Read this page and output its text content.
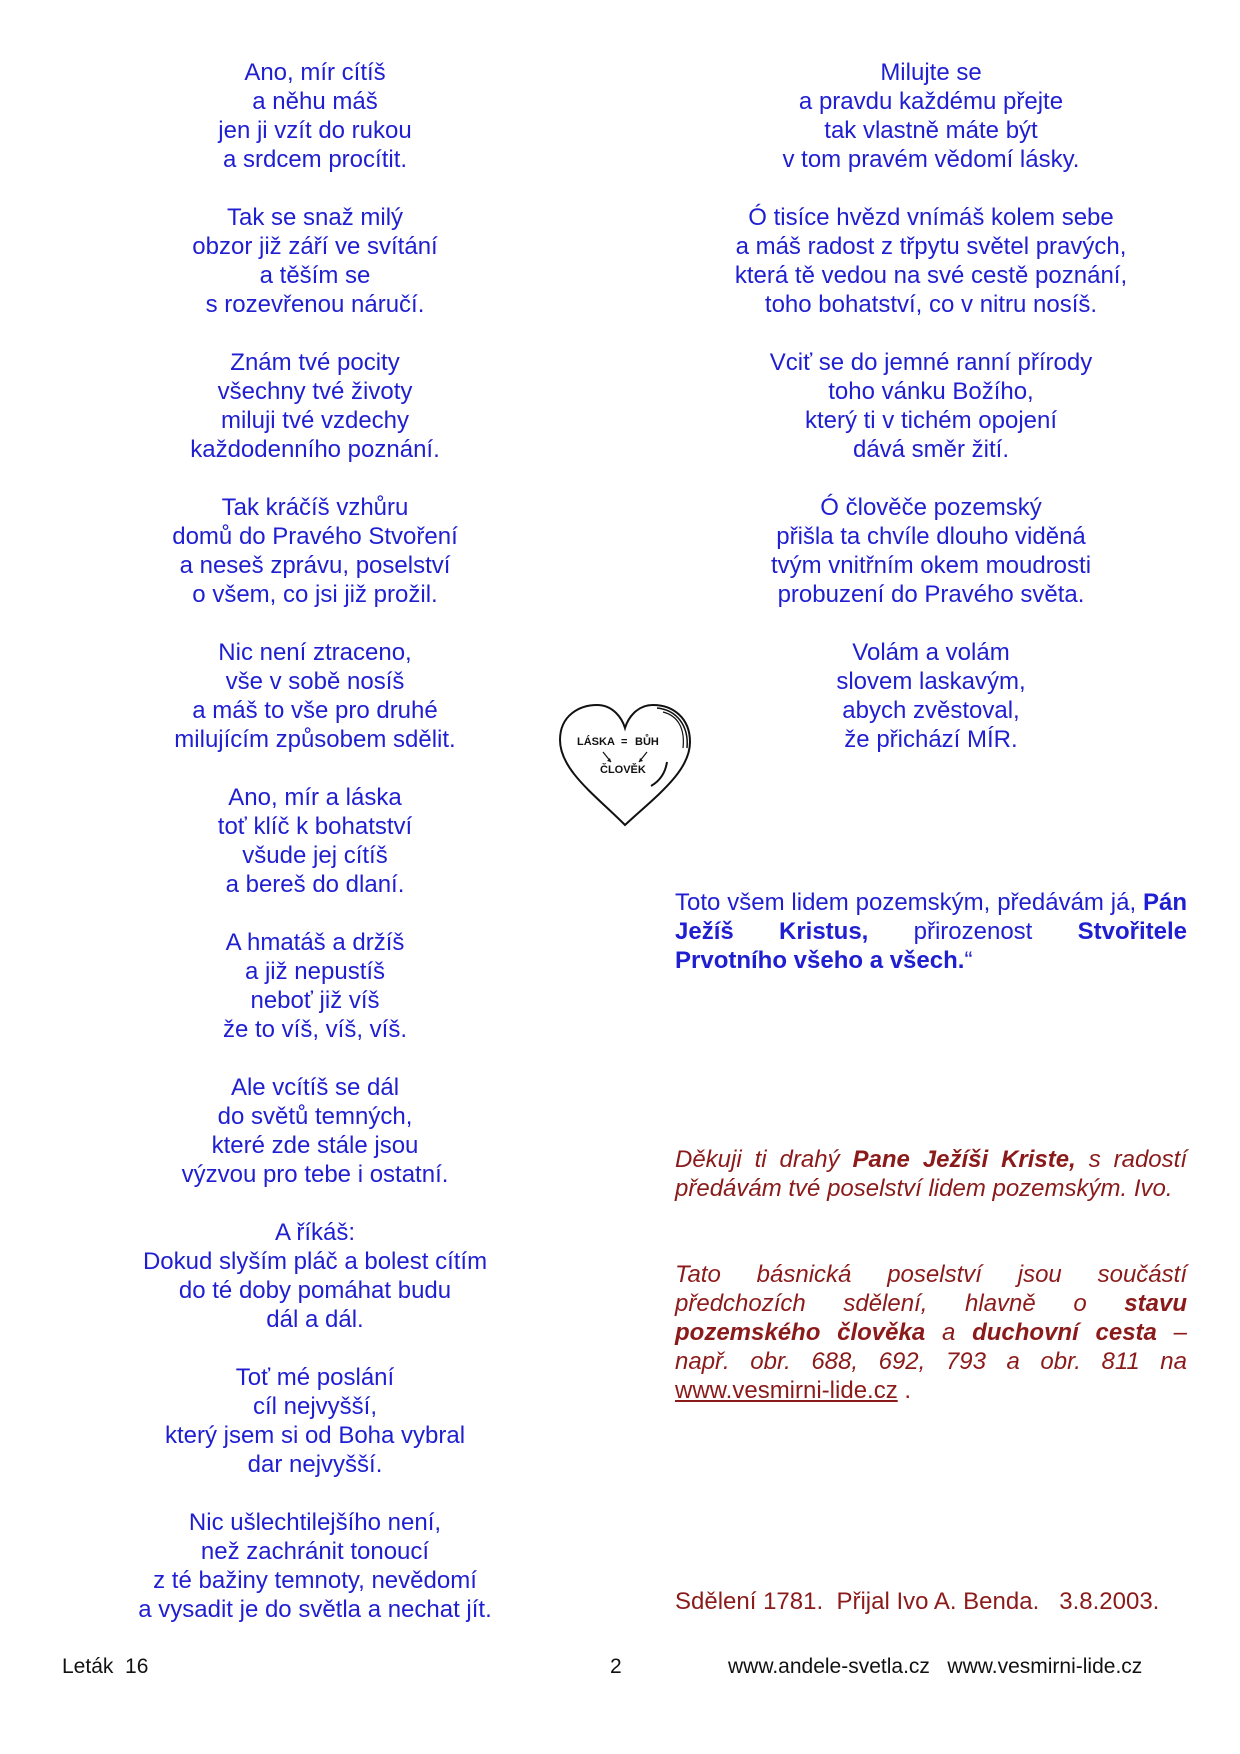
Ano, mír cítíš
a něhu máš
jen ji vzít do rukou
a srdcem procítit.
Tak se snaž milý
obzor již září ve svítání
a těším se
s rozevřenou náručí.
Znám tvé pocity
všechny tvé životy
miluji tvé vzdechy
každodenního poznání.
Tak kráčíš vzhůru
domů do Pravého Stvoření
a neseš zprávu, poselství
o všem, co jsi již prožil.
Nic není ztraceno,
vše v sobě nosíš
a máš to vše pro druhé
milujícím způsobem sdělit.
Ano, mír a láska
toť klíč k bohatství
všude jej cítíš
a bereš do dlaní.
A hmatáš a držíš
a již nepustíš
neboť již víš
že to víš, víš, víš.
Ale vcítíš se dál
do světů temných,
které zde stále jsou
výzvou pro tebe i ostatní.
A říkáš:
Dokud slyším pláč a bolest cítím
do té doby pomáhat budu
dál a dál.
Toť mé poslání
cíl nejvyšší,
který jsem si od Boha vybral
dar nejvyšší.
Nic ušlechtilejšího není,
než zachránit tonoucí
z té bažiny temnoty, nevědomí
a vysadit je do světla a nechat jít.
Milujte se
a pravdu každému přejte
tak vlastně máte být
v tom pravém vědomí lásky.
Ó tisíce hvězd vnímáš kolem sebe
a máš radost z třpytu světel pravých,
která tě vedou na své cestě poznání,
toho bohatství, co v nitru nosíš.
Vciť se do jemné ranní přírody
toho vánku Božího,
který ti v tichém opojení
dává směr žití.
Ó člověče pozemský
přišla ta chvíle dlouho viděná
tvým vnitřním okem moudrosti
probuzení do Pravého světa.
Volám a volám
slovem laskavým,
abych zvěstoval,
že přichází MÍR.
LÁSKA = BŮH
ČLOVĚK
Toto všem lidem pozemským, předávám já, Pán Ježíš Kristus, přirozenost Stvořitele Prvotního všeho a všech.“
Děkuji ti drahý Pane Ježíši Kriste, s radostí předávám tvé poselství lidem pozemským. Ivo.
Tato básnická poselství jsou součástí předchozích sdělení, hlavně o stavu pozemského člověka a duchovní cesta – např. obr. 688, 692, 793 a obr. 811 na www.vesmirni-lide.cz .
Sdělení 1781.  Přijal Ivo A. Benda.   3.8.2003.
Leták  16	2	www.andele-svetla.cz   www.vesmirni-lide.cz
